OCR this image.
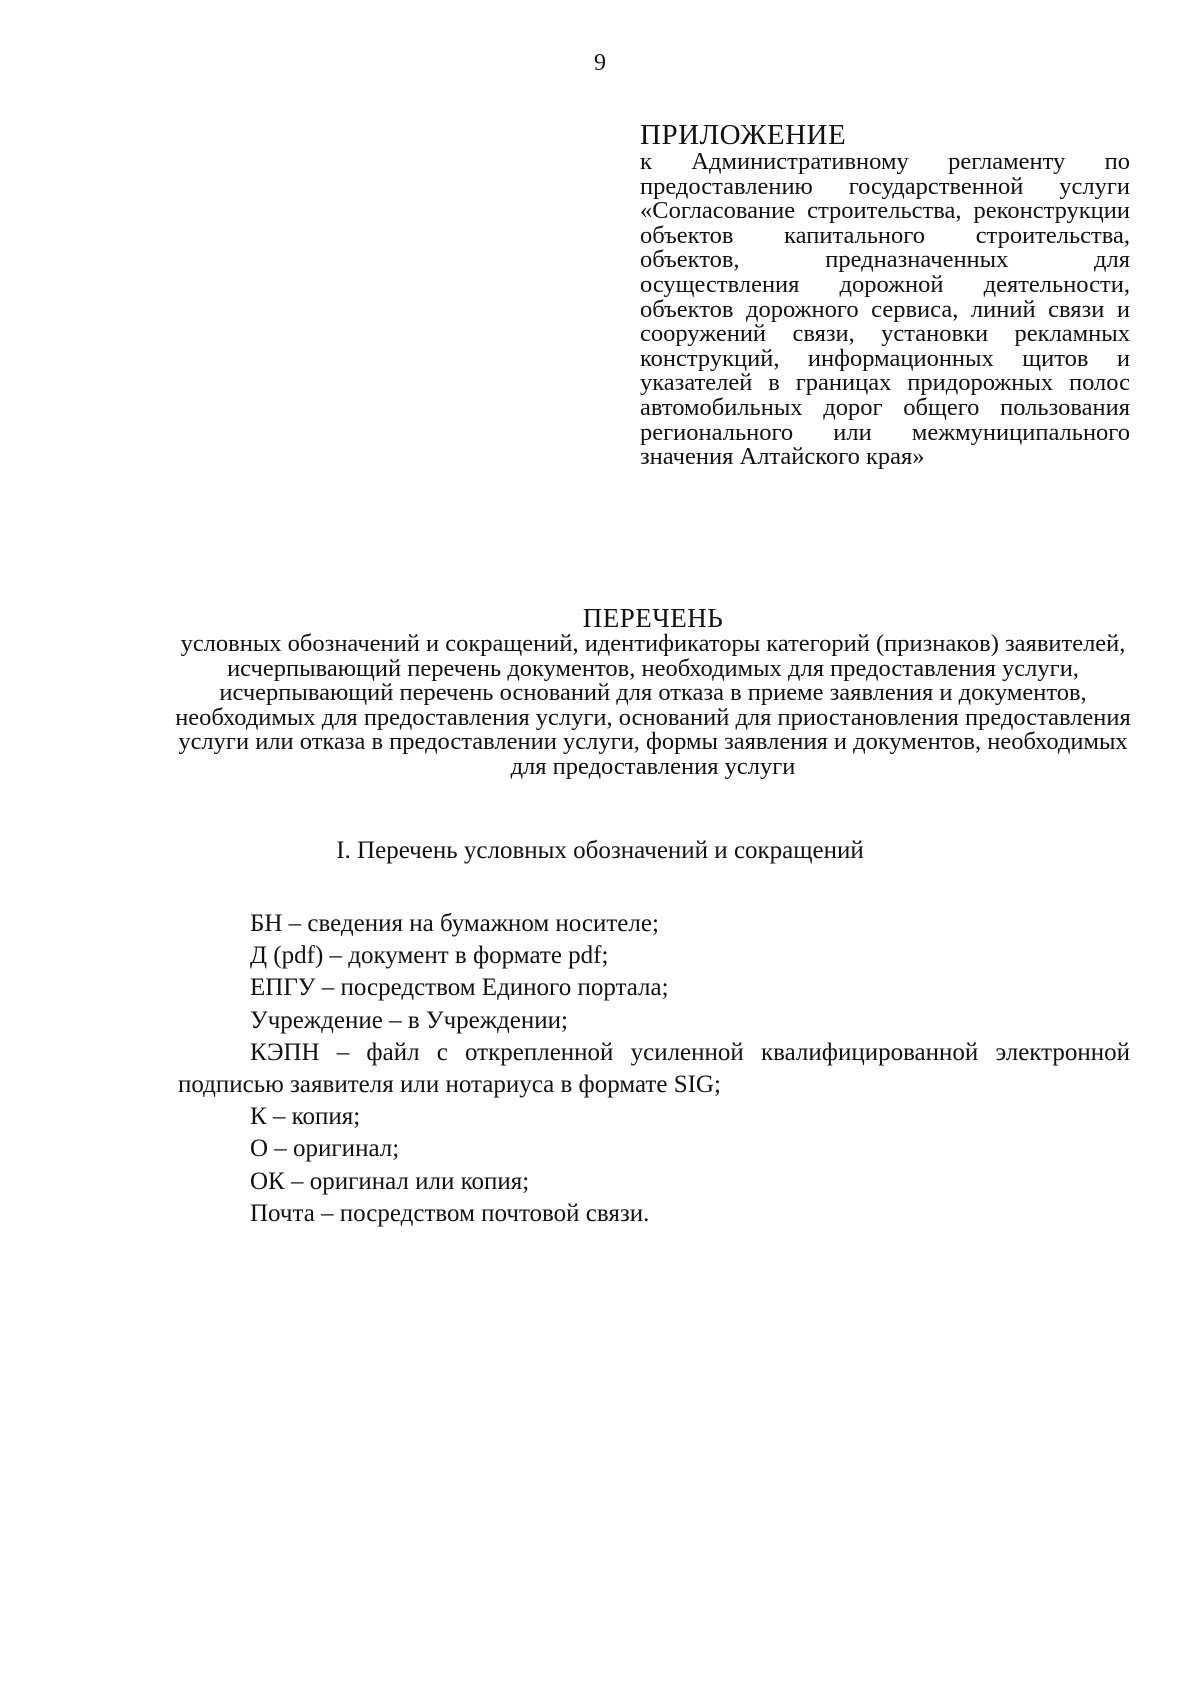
9
ПРИЛОЖЕНИЕ
к Административному регламенту по предоставлению государственной услуги «Согласование строительства, реконструкции объектов капитального строительства, объектов, предназначенных для осуществления дорожной деятельности, объектов дорожного сервиса, линий связи и сооружений связи, установки рекламных конструкций, информационных щитов и указателей в границах придорожных полос автомобильных дорог общего пользования регионального или межмуниципального значения Алтайского края»
ПЕРЕЧЕНЬ
условных обозначений и сокращений, идентификаторы категорий (признаков) заявителей, исчерпывающий перечень документов, необходимых для предоставления услуги, исчерпывающий перечень оснований для отказа в приеме заявления и документов, необходимых для предоставления услуги, оснований для приостановления предоставления услуги или отказа в предоставлении услуги, формы заявления и документов, необходимых для предоставления услуги
I. Перечень условных обозначений и сокращений
БН – сведения на бумажном носителе;
Д (pdf) – документ в формате pdf;
ЕПГУ – посредством Единого портала;
Учреждение – в Учреждении;
КЭПН – файл с открепленной усиленной квалифицированной электронной подписью заявителя или нотариуса в формате SIG;
К – копия;
О – оригинал;
ОК – оригинал или копия;
Почта – посредством почтовой связи.
